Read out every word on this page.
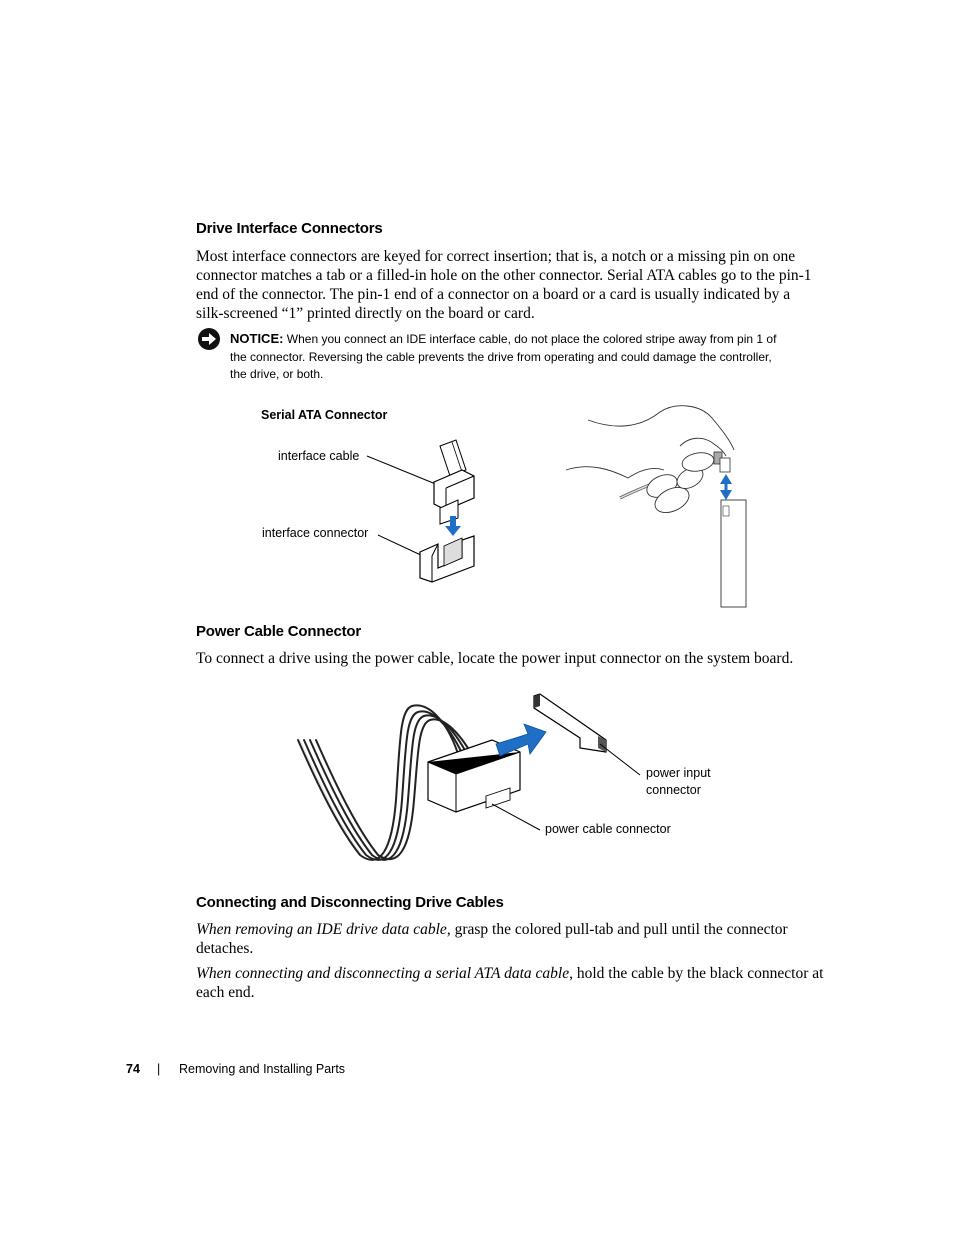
Drive Interface Connectors
Most interface connectors are keyed for correct insertion; that is, a notch or a missing pin on one
connector matches a tab or a filled-in hole on the other connector. Serial ATA cables go to the pin-1
end of the connector. The pin-1 end of a connector on a board or a card is usually indicated by a
silk-screened “1” printed directly on the board or card.
NOTICE: When you connect an IDE interface cable, do not place the colored stripe away from pin 1 of
the connector. Reversing the cable prevents the drive from operating and could damage the controller,
the drive, or both.
Serial ATA Connector
interface cable
interface connector
Power Cable Connector
To connect a drive using the power cable, locate the power input connector on the system board.
power input
connector
power cable connector
Connecting and Disconnecting Drive Cables
When removing an IDE drive data cable, grasp the colored pull-tab and pull until the connector
detaches.
When connecting and disconnecting a serial ATA data cable, hold the cable by the black connector at
each end.
74 | Removing and Installing Parts
